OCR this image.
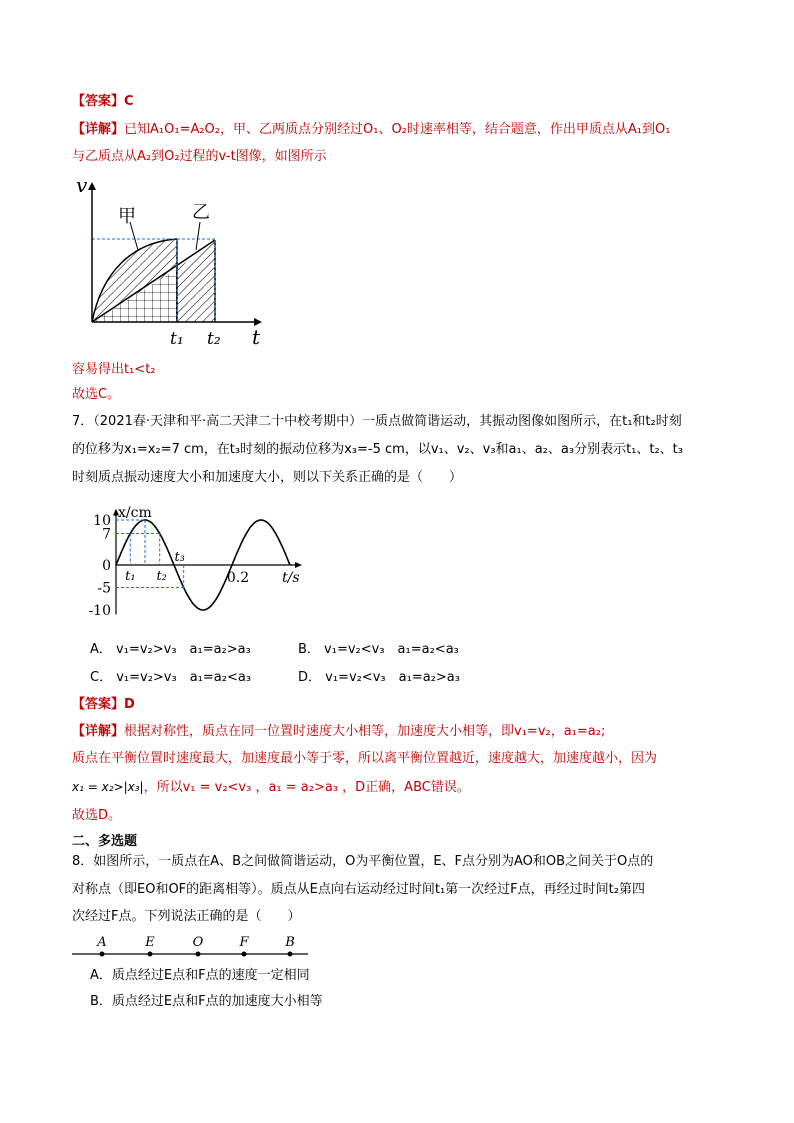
【答案】C
【详解】已知A₁O₁=A₂O₂，甲、乙两质点分别经过O₁、O₂时速率相等，结合题意，作出甲质点从A₁到O₁
与乙质点从A₂到O₂过程的v-t图像，如图所示
v
t
甲	乙
t₁ t₂
容易得出t₁<t₂
故选C。
7．（2021春·天津和平·高二天津二十中校考期中）一质点做简谐运动，其振动图像如图所示，在t₁和t₂时刻
的位移为x₁=x₂=7 cm，在t₃时刻的振动位移为x₃=-5 cm，以v₁、v₂、v₃和a₁、a₂、a₃分别表示t₁、t₂、t₃
时刻质点振动速度大小和加速度大小，则以下关系正确的是（　　）
10
7
0
-5
-10
0.2
x/cm
t/s
t₁ t₂
t₃
A． v₁=v₂>v₃　a₁=a₂>a₃	B． v₁=v₂<v₃　a₁=a₂<a₃
C． v₁=v₂>v₃　a₁=a₂<a₃	D． v₁=v₂<v₃　a₁=a₂>a₃
【答案】D
【详解】根据对称性，质点在同一位置时速度大小相等，加速度大小相等，即v₁=v₂，a₁=a₂;
质点在平衡位置时速度最大，加速度最小等于零，所以离平衡位置越近，速度越大，加速度越小，因为
x₁ = x₂>|x₃|，所以v₁ = v₂<v₃ ，a₁ = a₂>a₃ ，D正确，ABC错误。
故选D。
二、多选题
8．如图所示，一质点在A、B之间做简谐运动，O为平衡位置，E、F点分别为AO和OB之间关于O点的
对称点（即EO和OF的距离相等）。质点从E点向右运动经过时间t₁第一次经过F点，再经过时间t₂第四
次经过F点。下列说法正确的是（　　）
A	E	O	F	B
A．质点经过E点和F点的速度一定相同
B．质点经过E点和F点的加速度大小相等
